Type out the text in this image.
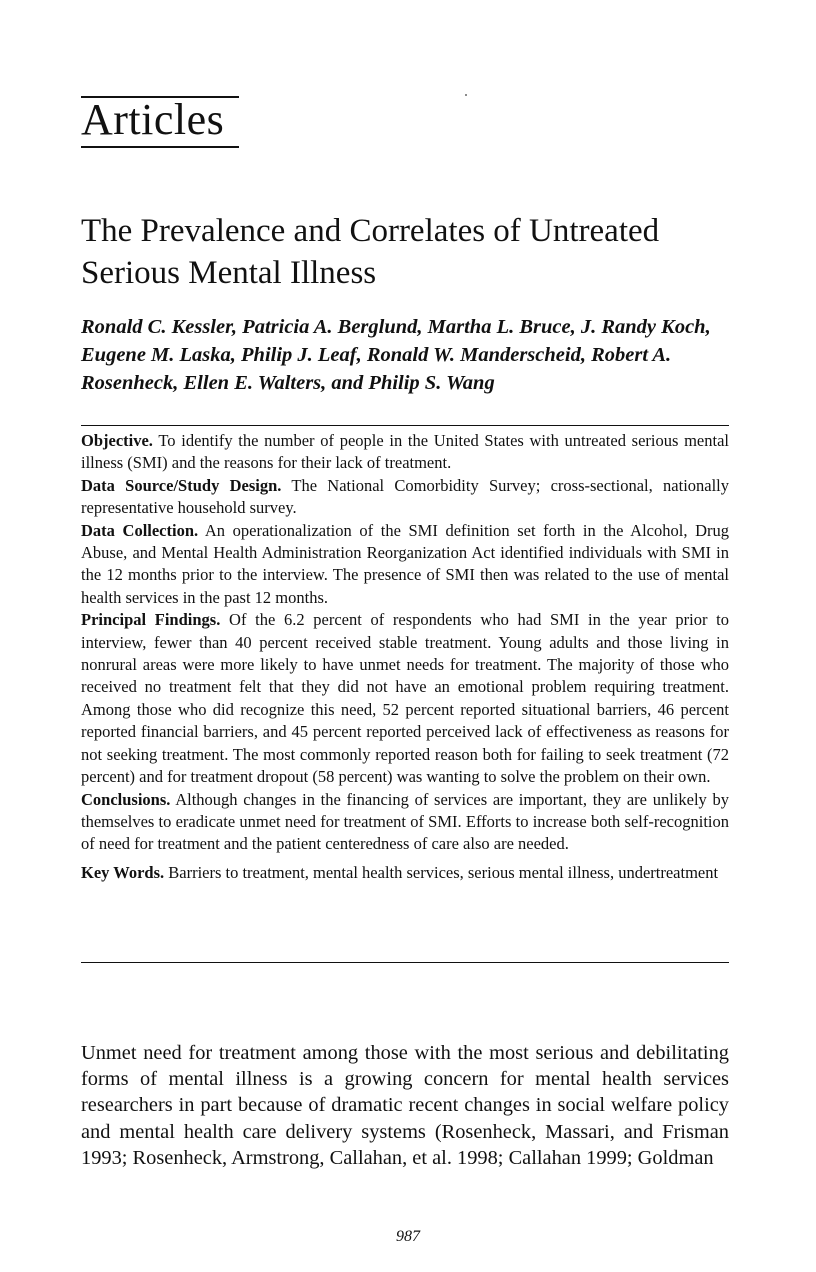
Articles
The Prevalence and Correlates of Untreated Serious Mental Illness

Ronald C. Kessler, Patricia A. Berglund, Martha L. Bruce, J. Randy Koch, Eugene M. Laska, Philip J. Leaf, Ronald W. Manderscheid, Robert A. Rosenheck, Ellen E. Walters, and Philip S. Wang

Objective. To identify the number of people in the United States with untreated serious mental illness (SMI) and the reasons for their lack of treatment.

Data Source/Study Design. The National Comorbidity Survey; cross-sectional, nationally representative household survey.

Data Collection. An operationalization of the SMI definition set forth in the Alcohol, Drug Abuse, and Mental Health Administration Reorganization Act identified individuals with SMI in the 12 months prior to the interview. The presence of SMI then was related to the use of mental health services in the past 12 months.

Principal Findings. Of the 6.2 percent of respondents who had SMI in the year prior to interview, fewer than 40 percent received stable treatment. Young adults and those living in nonrural areas were more likely to have unmet needs for treatment. The majority of those who received no treatment felt that they did not have an emotional problem requiring treatment. Among those who did recognize this need, 52 percent reported situational barriers, 46 percent reported financial barriers, and 45 percent reported perceived lack of effectiveness as reasons for not seeking treatment. The most commonly reported reason both for failing to seek treatment (72 percent) and for treatment dropout (58 percent) was wanting to solve the problem on their own.

Conclusions. Although changes in the financing of services are important, they are unlikely by themselves to eradicate unmet need for treatment of SMI. Efforts to increase both self-recognition of need for treatment and the patient centeredness of care also are needed.

Key Words. Barriers to treatment, mental health services, serious mental illness, undertreatment

Unmet need for treatment among those with the most serious and debilitating forms of mental illness is a growing concern for mental health services researchers in part because of dramatic recent changes in social welfare policy and mental health care delivery systems (Rosenheck, Massari, and Frisman 1993; Rosenheck, Armstrong, Callahan, et al. 1998; Callahan 1999; Goldman

987
